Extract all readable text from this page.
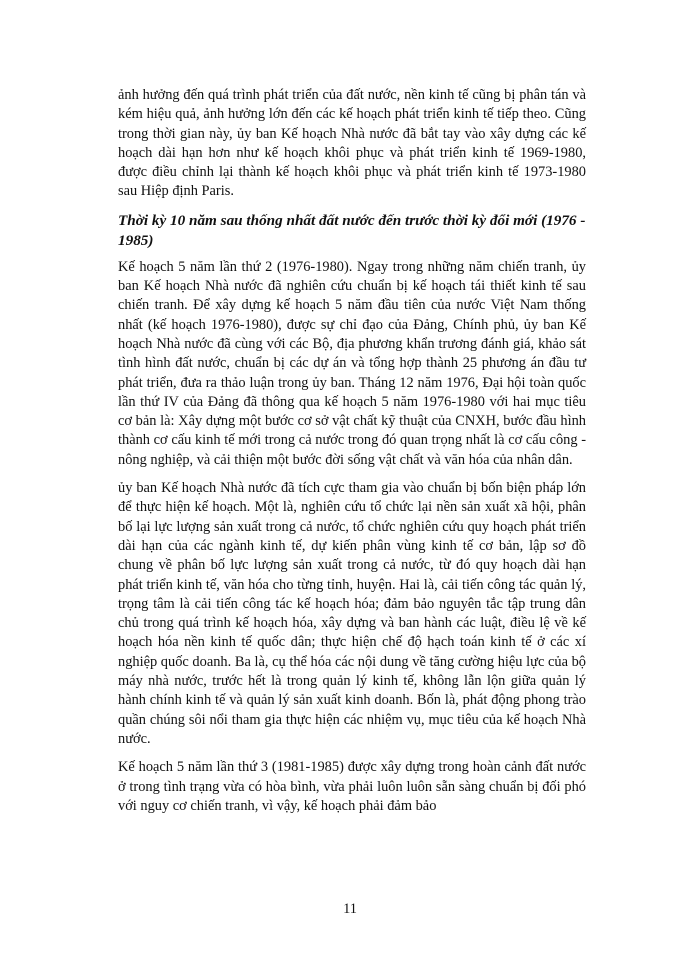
ảnh hưởng đến quá trình phát triển của đất nước, nền kinh tế cũng bị phân tán và kém hiệu quả, ảnh hưởng lớn đến các kế hoạch phát triển kinh tế tiếp theo. Cũng trong thời gian này, ủy ban Kế hoạch Nhà nước đã bắt tay vào xây dựng các kế hoạch dài hạn hơn như kế hoạch khôi phục và phát triển kinh tế 1969-1980, được điều chỉnh lại thành kế hoạch khôi phục và phát triển kinh tế 1973-1980 sau Hiệp định Paris.

Thời kỳ 10 năm sau thống nhất đất nước đến trước thời kỳ đổi mới (1976 - 1985)

Kế hoạch 5 năm lần thứ 2 (1976-1980). Ngay trong những năm chiến tranh, ủy ban Kế hoạch Nhà nước đã nghiên cứu chuẩn bị kế hoạch tái thiết kinh tế sau chiến tranh. Để xây dựng kế hoạch 5 năm đầu tiên của nước Việt Nam thống nhất (kế hoạch 1976-1980), được sự chỉ đạo của Đảng, Chính phủ, ủy ban Kế hoạch Nhà nước đã cùng với các Bộ, địa phương khẩn trương đánh giá, khảo sát tình hình đất nước, chuẩn bị các dự án và tổng hợp thành 25 phương án đầu tư phát triển, đưa ra thảo luận trong ủy ban. Tháng 12 năm 1976, Đại hội toàn quốc lần thứ IV của Đảng đã thông qua kế hoạch 5 năm 1976-1980 với hai mục tiêu cơ bản là: Xây dựng một bước cơ sở vật chất kỹ thuật của CNXH, bước đầu hình thành cơ cấu kinh tế mới trong cả nước trong đó quan trọng nhất là cơ cấu công - nông nghiệp, và cải thiện một bước đời sống vật chất và văn hóa của nhân dân.

ủy ban Kế hoạch Nhà nước đã tích cực tham gia vào chuẩn bị bốn biện pháp lớn để thực hiện kế hoạch. Một là, nghiên cứu tổ chức lại nền sản xuất xã hội, phân bố lại lực lượng sản xuất trong cả nước, tổ chức nghiên cứu quy hoạch phát triển dài hạn của các ngành kinh tế, dự kiến phân vùng kinh tế cơ bản, lập sơ đồ chung về phân bố lực lượng sản xuất trong cả nước, từ đó quy hoạch dài hạn phát triển kinh tế, văn hóa cho từng tỉnh, huyện. Hai là, cải tiến công tác quản lý, trọng tâm là cải tiến công tác kế hoạch hóa; đảm bảo nguyên tắc tập trung dân chủ trong quá trình kế hoạch hóa, xây dựng và ban hành các luật, điều lệ về kế hoạch hóa nền kinh tế quốc dân; thực hiện chế độ hạch toán kinh tế ở các xí nghiệp quốc doanh. Ba là, cụ thể hóa các nội dung về tăng cường hiệu lực của bộ máy nhà nước, trước hết là trong quản lý kinh tế, không lẫn lộn giữa quản lý hành chính kinh tế và quản lý sản xuất kinh doanh. Bốn là, phát động phong trào quần chúng sôi nổi tham gia thực hiện các nhiệm vụ, mục tiêu của kế hoạch Nhà nước.

Kế hoạch 5 năm lần thứ 3 (1981-1985) được xây dựng trong hoàn cảnh đất nước ở trong tình trạng vừa có hòa bình, vừa phải luôn luôn sẵn sàng chuẩn bị đối phó với nguy cơ chiến tranh, vì vậy, kế hoạch phải đảm bảo

11
